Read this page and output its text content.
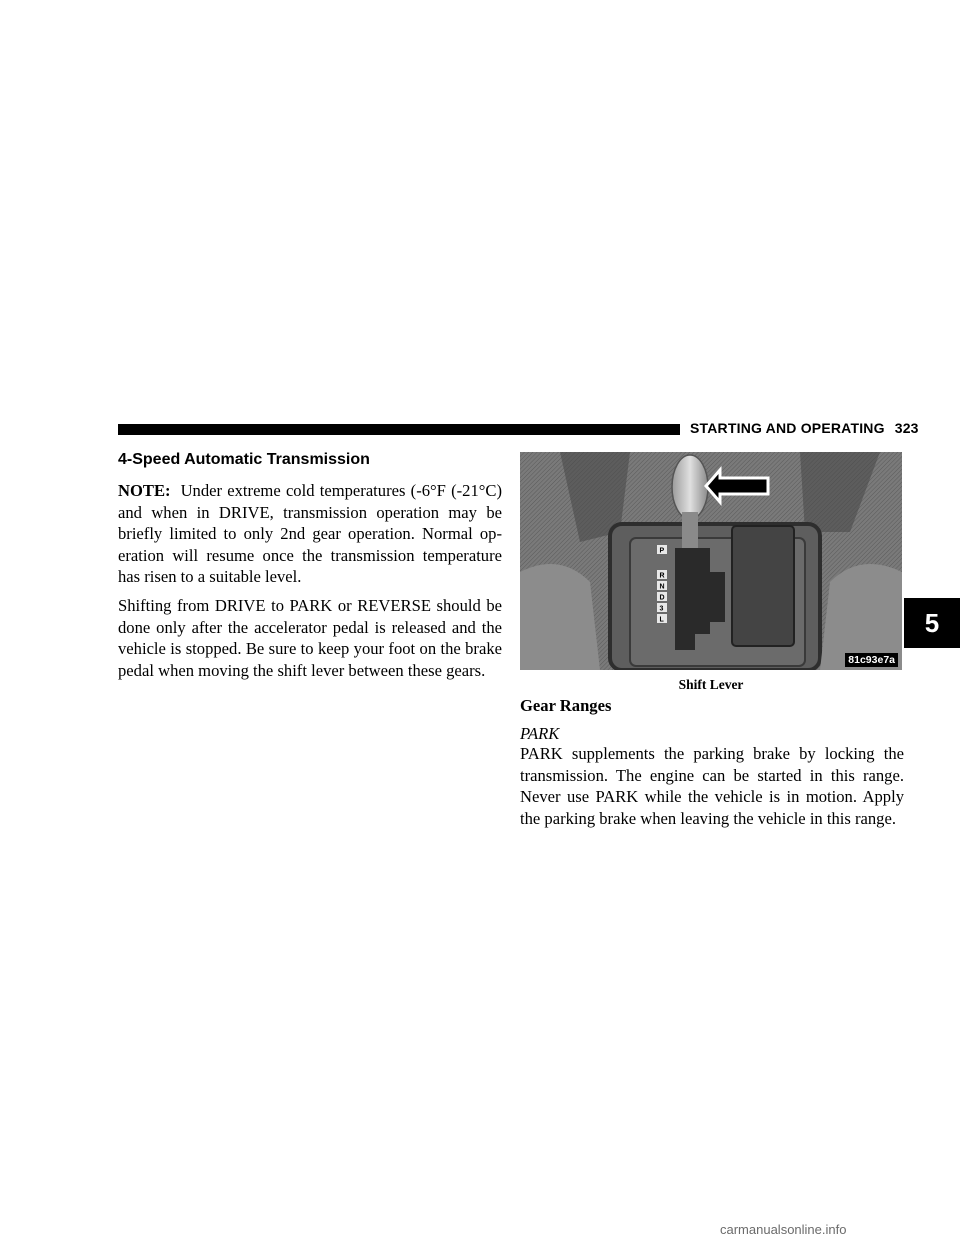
STARTING AND OPERATING 323
5
4-Speed Automatic Transmission

NOTE: Under extreme cold temperatures (-6°F (-21°C) and when in DRIVE, transmission operation may be briefly limited to only 2nd gear operation. Normal op- eration will resume once the transmission temperature has risen to a suitable level.

Shifting from DRIVE to PARK or REVERSE should be done only after the accelerator pedal is released and the vehicle is stopped. Be sure to keep your foot on the brake pedal when moving the shift lever between these gears.

P
R
N
D
3
L
81c93e7a
Shift Lever
Gear Ranges
PARK

PARK supplements the parking brake by locking the transmission. The engine can be started in this range. Never use PARK while the vehicle is in motion. Apply the parking brake when leaving the vehicle in this range.

carmanualsonline.info
